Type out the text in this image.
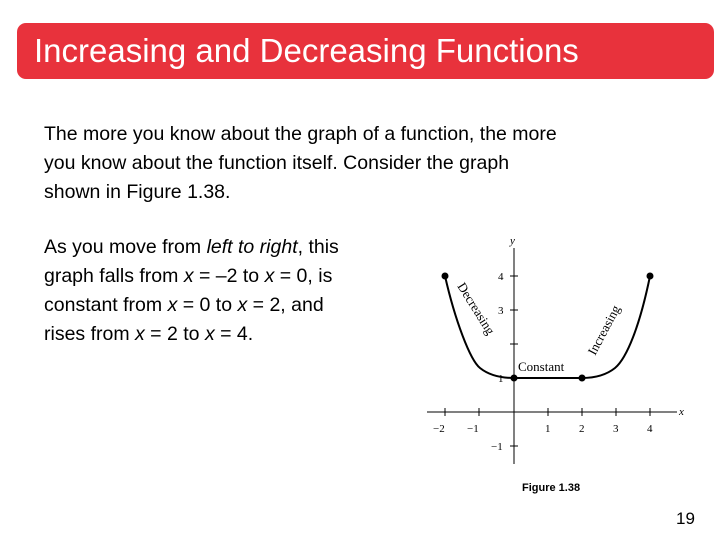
Increasing and Decreasing Functions
The more you know about the graph of a function, the more
you know about the function itself. Consider the graph
shown in Figure 1.38.
As you move from left to right, this
graph falls from x = –2 to x = 0, is
constant from x = 0 to x = 2, and
rises from x = 2 to x = 4.
x
y
−2 −1	1	2	3	4
1
3
4
−1
Decreasing
Constant
Increasing
Figure 1.38
19
